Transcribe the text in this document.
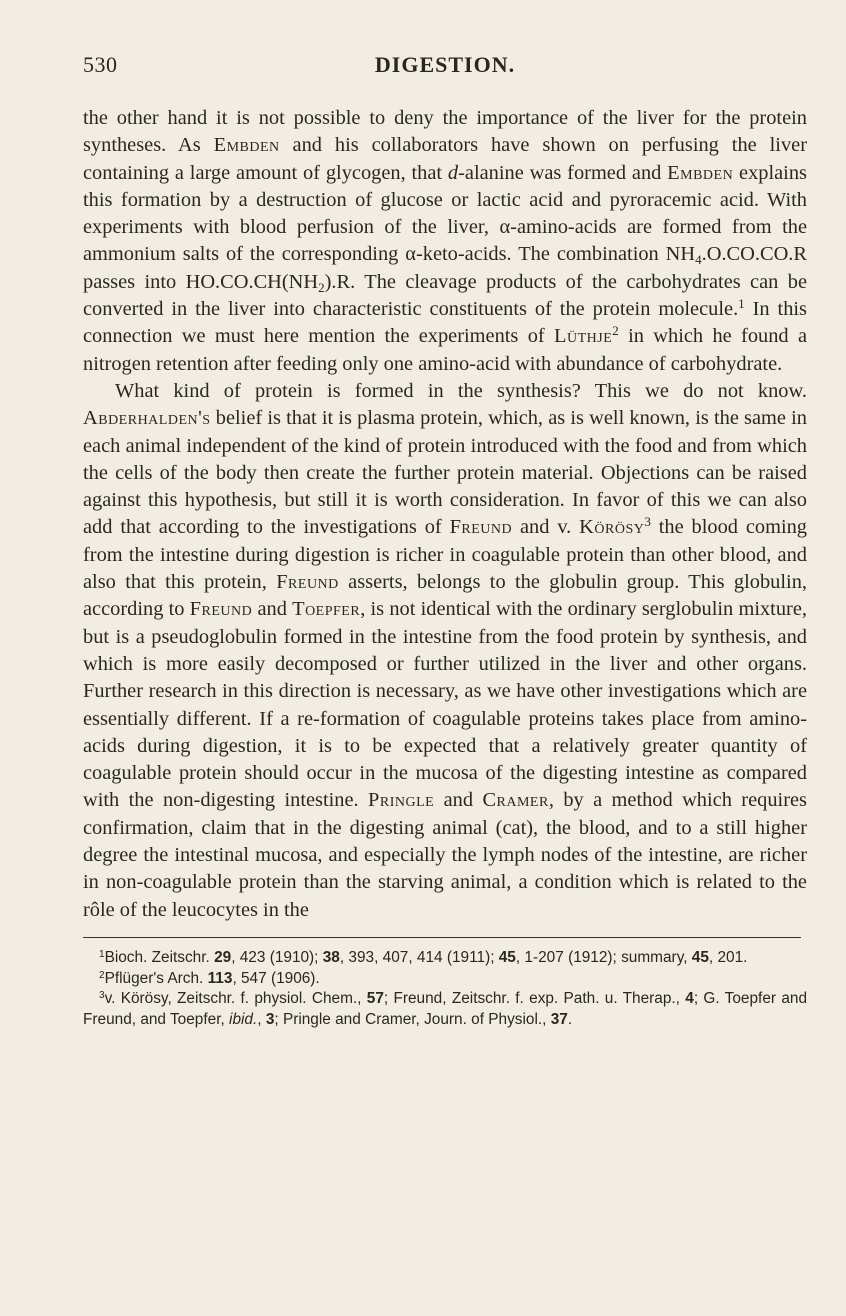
530	DIGESTION.

the other hand it is not possible to deny the importance of the liver for the protein syntheses. As Embden and his collaborators have shown on perfusing the liver containing a large amount of glycogen, that d-alanine was formed and Embden explains this formation by a destruction of glucose or lactic acid and pyroracemic acid. With experiments with blood perfusion of the liver, α-amino-acids are formed from the ammonium salts of the corresponding α-keto-acids. The combination $NH_4.O.CO.CO.R$ passes into $HO.CO.CH(NH_2).R$. The cleavage products of the carbohydrates can be converted in the liver into characteristic constituents of the protein molecule.$^1$ In this connection we must here mention the experiments of Lüthje$^2$ in which he found a nitrogen retention after feeding only one amino-acid with abundance of carbohydrate.

What kind of protein is formed in the synthesis? This we do not know. Abderhalden's belief is that it is plasma protein, which, as is well known, is the same in each animal independent of the kind of protein introduced with the food and from which the cells of the body then create the further protein material. Objections can be raised against this hypothesis, but still it is worth consideration. In favor of this we can also add that according to the investigations of Freund and v. Körösy$^3$ the blood coming from the intestine during digestion is richer in coagulable protein than other blood, and also that this protein, Freund asserts, belongs to the globulin group. This globulin, according to Freund and Toepfer, is not identical with the ordinary serglobulin mixture, but is a pseudoglobulin formed in the intestine from the food protein by synthesis, and which is more easily decomposed or further utilized in the liver and other organs. Further research in this direction is necessary, as we have other investigations which are essentially different. If a re-formation of coagulable proteins takes place from amino-acids during digestion, it is to be expected that a relatively greater quantity of coagulable protein should occur in the mucosa of the digesting intestine as compared with the non-digesting intestine. Pringle and Cramer, by a method which requires confirmation, claim that in the digesting animal (cat), the blood, and to a still higher degree the intestinal mucosa, and especially the lymph nodes of the intestine, are richer in non-coagulable protein than the starving animal, a condition which is related to the rôle of the leucocytes in the

$^1$Bioch. Zeitschr. 29, 423 (1910); 38, 393, 407, 414 (1911); 45, 1-207 (1912); summary, 45, 201.

$^2$Pflüger's Arch. 113, 547 (1906).

$^3$v. Körösy, Zeitschr. f. physiol. Chem., 57; Freund, Zeitschr. f. exp. Path. u. Therap., 4; G. Toepfer and Freund, and Toepfer, ibid., 3; Pringle and Cramer, Journ. of Physiol., 37.
